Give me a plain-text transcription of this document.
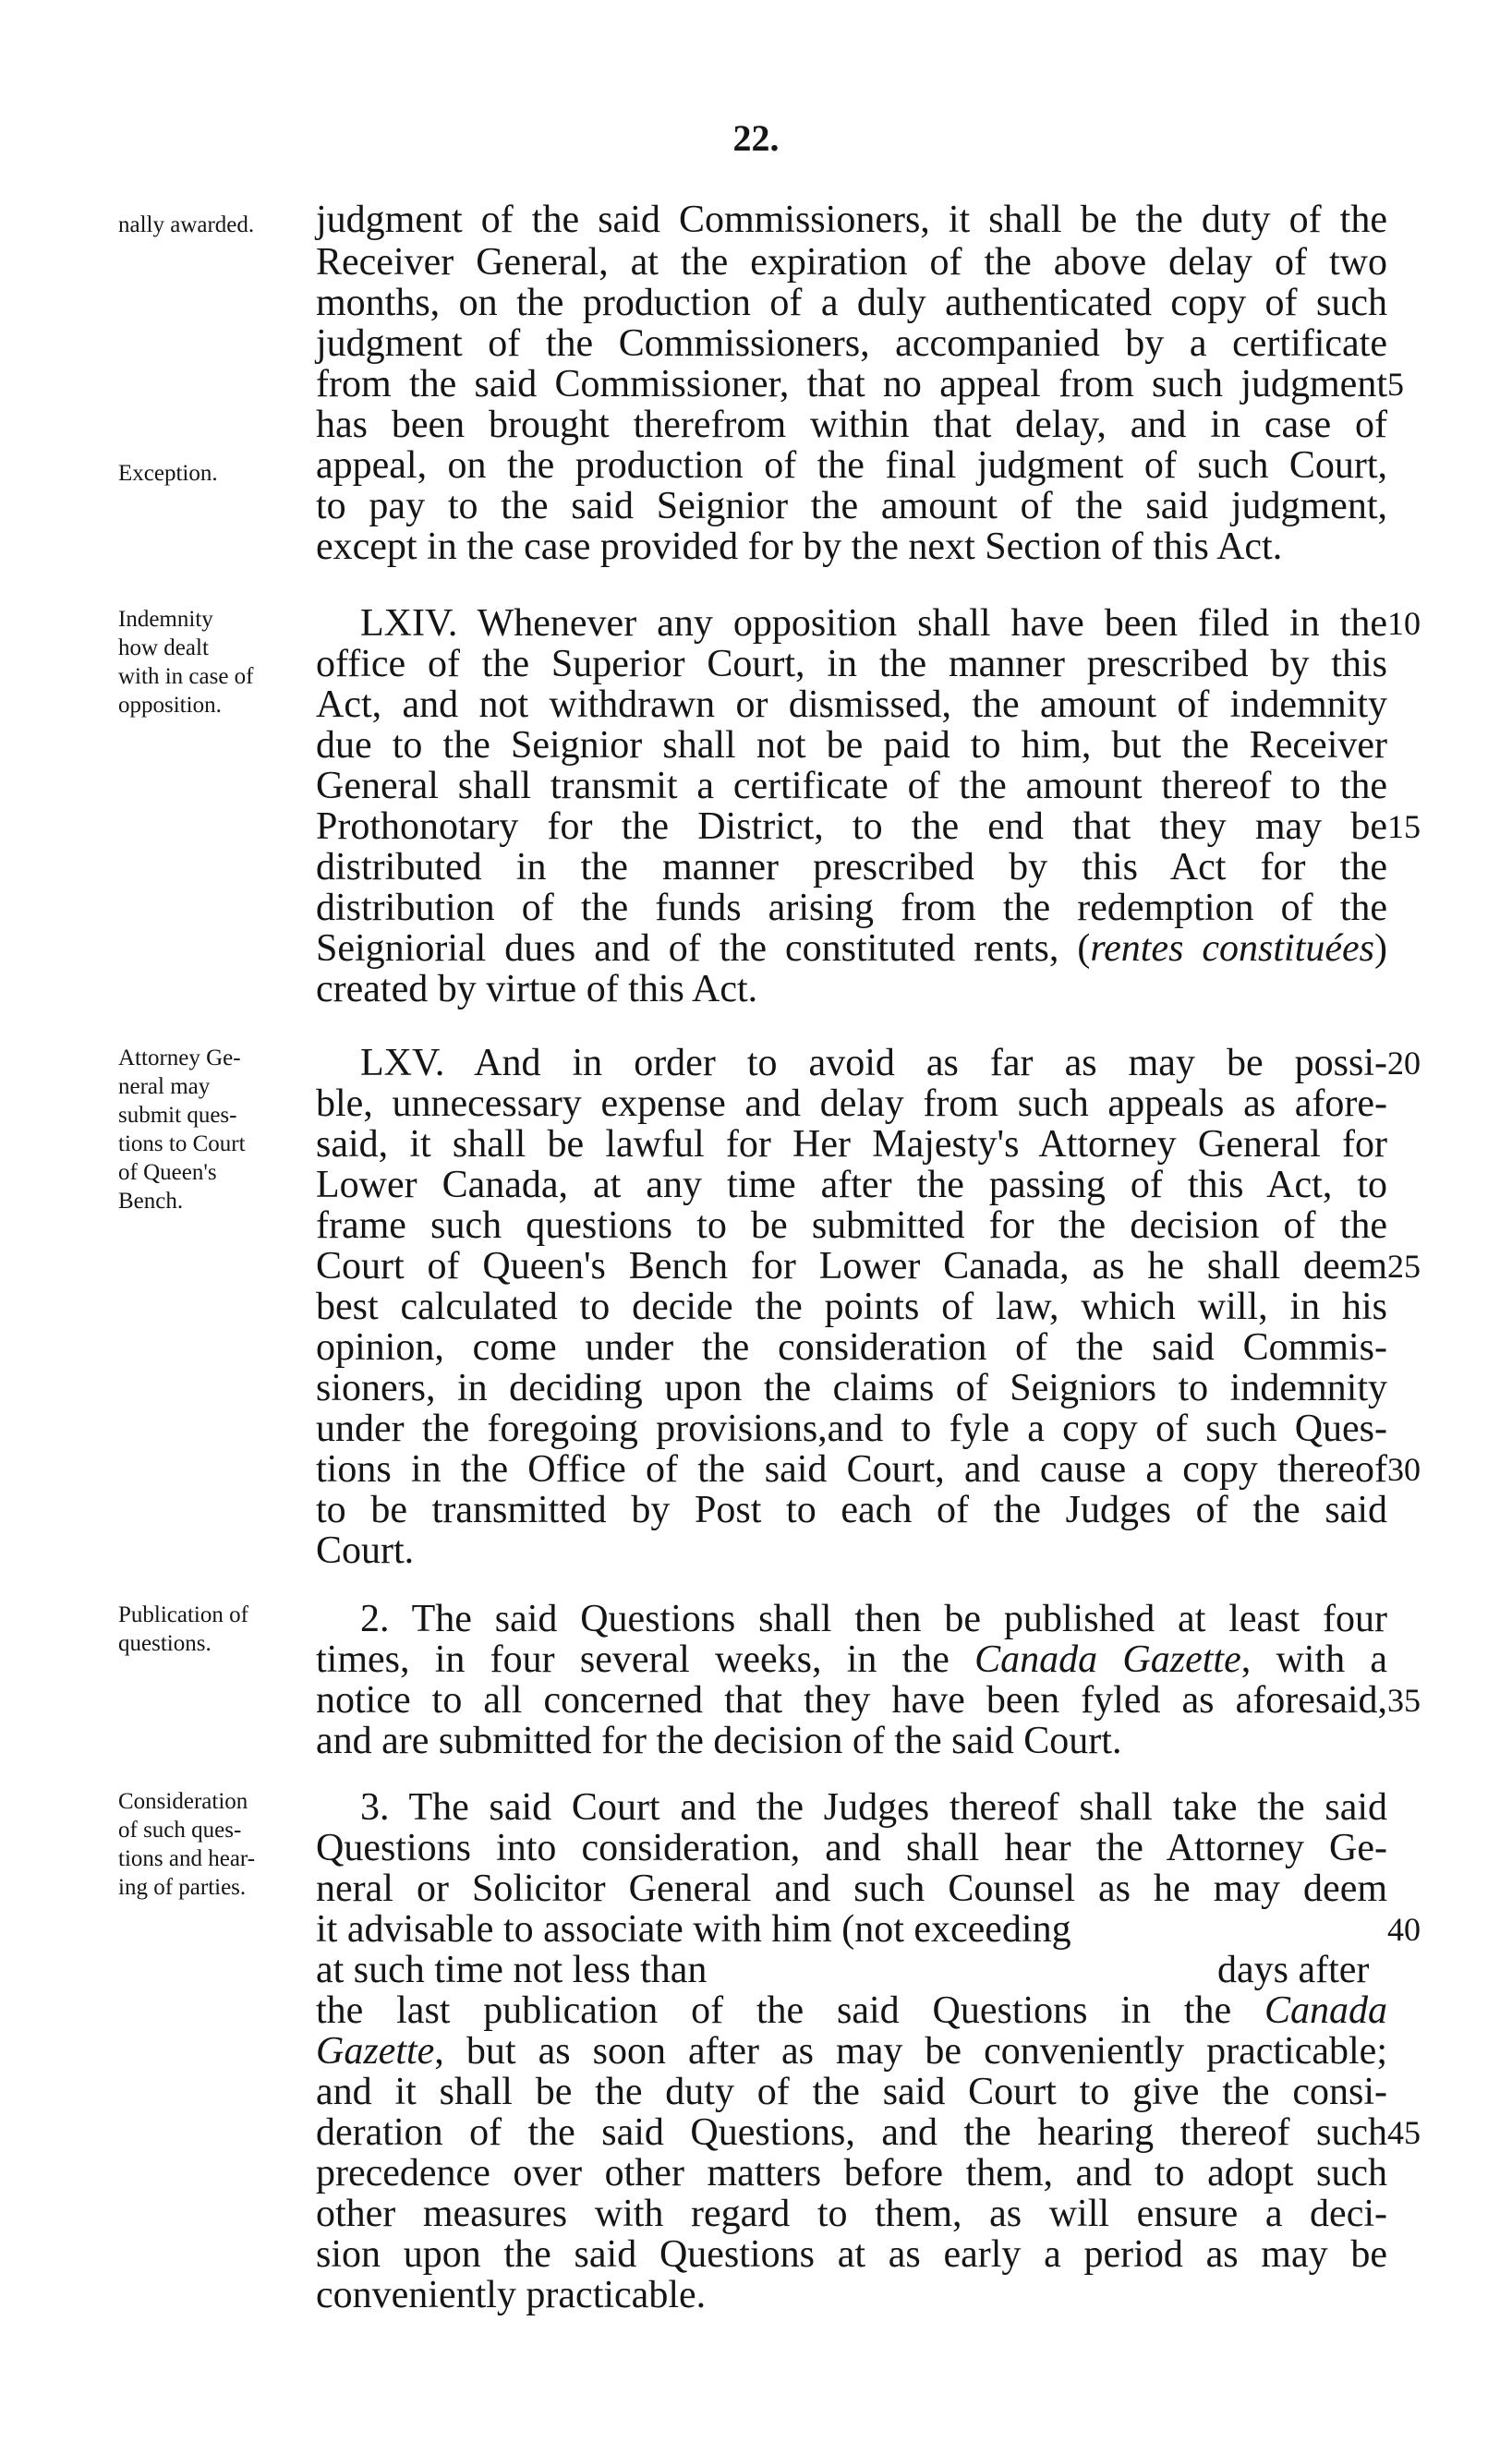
22.
nally awarded.
Exception.
Indemnity
how dealt
with in case of
opposition.
Attorney Ge-
neral may
submit ques-
tions to Court
of Queen's
Bench.
Publication of
questions.
Consideration
of such ques-
tions and hear-
ing of parties.
judgment of the said Commissioners, it shall be the duty of the
Receiver General, at the expiration of the above delay of two
months, on the production of a duly authenticated copy of such
judgment of the Commissioners, accompanied by a certificate
from the said Commissioner, that no appeal from such judgment
has been brought therefrom within that delay, and in case of
appeal, on the production of the final judgment of such Court,
to pay to the said Seignior the amount of the said judgment,
except in the case provided for by the next Section of this Act.
LXIV. Whenever any opposition shall have been filed in the
office of the Superior Court, in the manner prescribed by this
Act, and not withdrawn or dismissed, the amount of indemnity
due to the Seignior shall not be paid to him, but the Receiver
General shall transmit a certificate of the amount thereof to the
Prothonotary for the District, to the end that they may be
distributed in the manner prescribed by this Act for the
distribution of the funds arising from the redemption of the
Seigniorial dues and of the constituted rents, (rentes constituées)
created by virtue of this Act.
LXV. And in order to avoid as far as may be possi-
ble, unnecessary expense and delay from such appeals as afore-
said, it shall be lawful for Her Majesty's Attorney General for
Lower Canada, at any time after the passing of this Act, to
frame such questions to be submitted for the decision of the
Court of Queen's Bench for Lower Canada, as he shall deem
best calculated to decide the points of law, which will, in his
opinion, come under the consideration of the said Commis-
sioners, in deciding upon the claims of Seigniors to indemnity
under the foregoing provisions,and to fyle a copy of such Ques-
tions in the Office of the said Court, and cause a copy thereof
to be transmitted by Post to each of the Judges of the said
Court.
2. The said Questions shall then be published at least four
times, in four several weeks, in the Canada Gazette, with a
notice to all concerned that they have been fyled as aforesaid,
and are submitted for the decision of the said Court.
3. The said Court and the Judges thereof shall take the said
Questions into consideration, and shall hear the Attorney Ge-
neral or Solicitor General and such Counsel as he may deem
it advisable to associate with him (not exceeding
at such time not less than	days after
the last publication of the said Questions in the Canada
Gazette, but as soon after as may be conveniently practicable;
and it shall be the duty of the said Court to give the consi-
deration of the said Questions, and the hearing thereof such
precedence over other matters before them, and to adopt such
other measures with regard to them, as will ensure a deci-
sion upon the said Questions at as early a period as may be
conveniently practicable.
5
10
15
20
25
30
35
40
45
